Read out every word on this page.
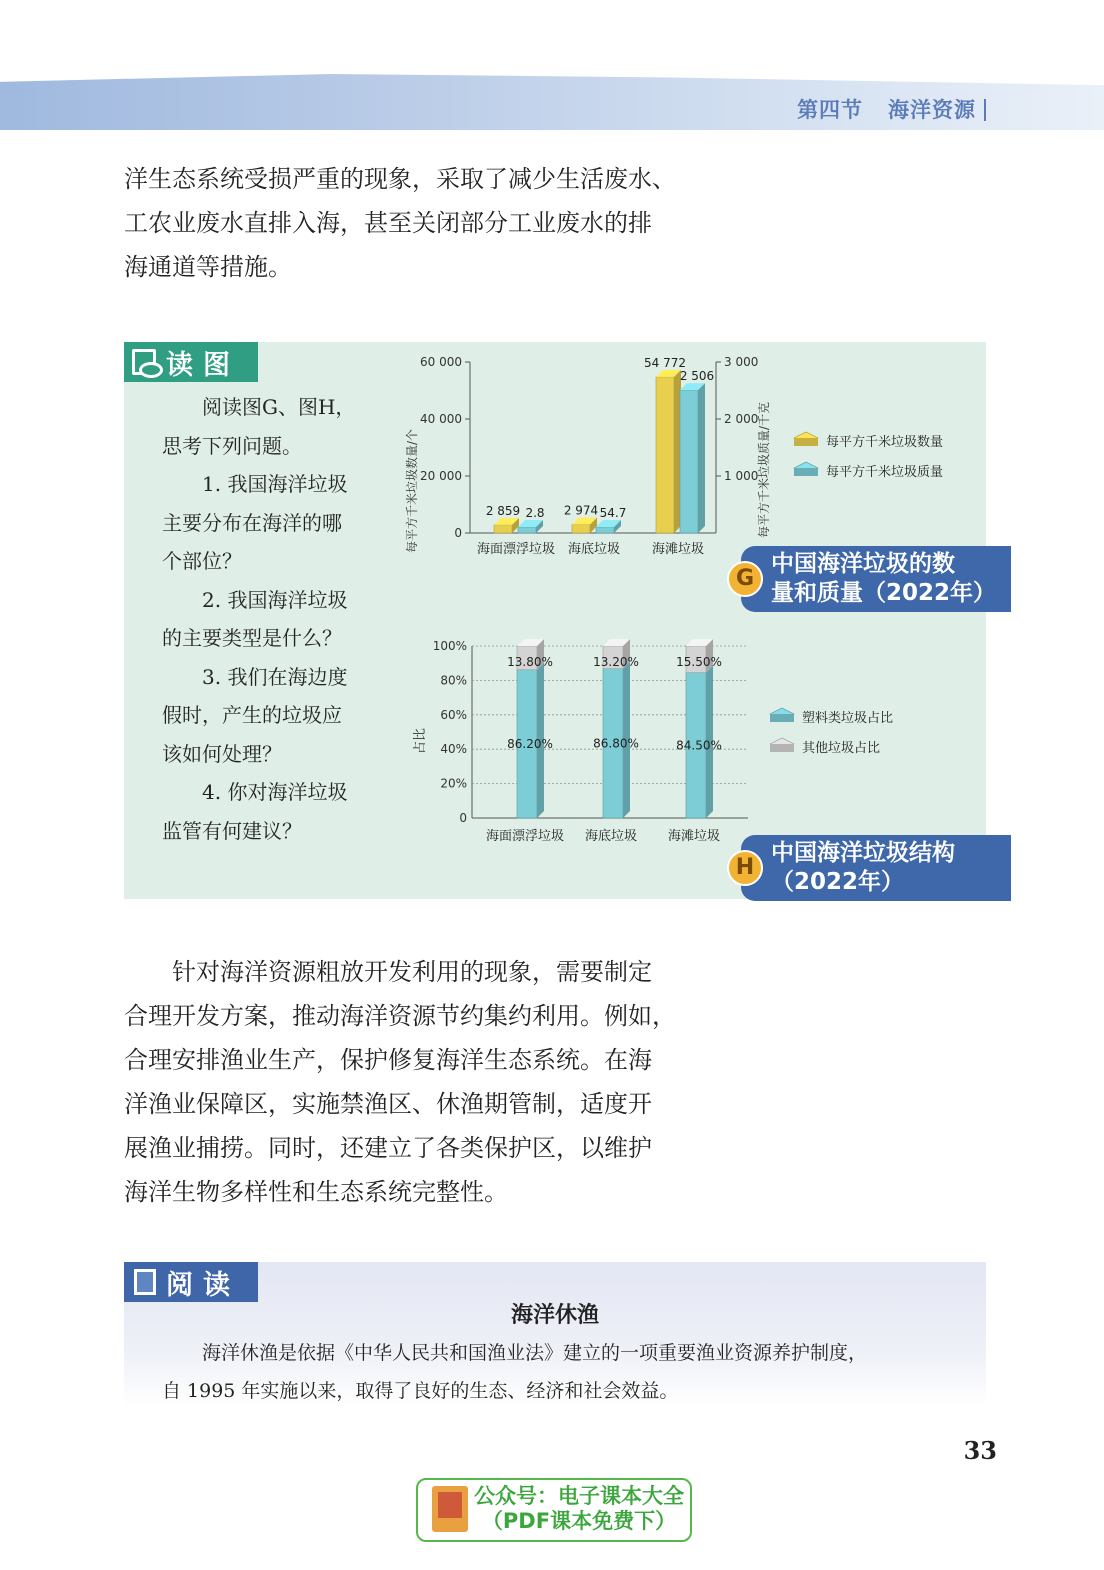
第四节 海洋资源
洋生态系统受损严重的现象，采取了减少生活废水、
工农业废水直排入海，甚至关闭部分工业废水的排
海通道等措施。
读图
阅读图G、图H，
思考下列问题。
1. 我国海洋垃圾
主要分布在海洋的哪
个部位？
2. 我国海洋垃圾
的主要类型是什么？
3. 我们在海边度
假时，产生的垃圾应
该如何处理？
4. 你对海洋垃圾
监管有何建议？
0
20 000
40 000
60 000
1 000
2 000
3 000
每平方千米垃圾数量/个	每平方千米垃圾质量/千克
2 859 2.8
海面漂浮垃圾
2 974 54.7
海底垃圾
54 772
2 506
海滩垃圾
每平方千米垃圾数量
每平方千米垃圾质量
0
20%
40%
60%
80%
100%
占比
13.80%
86.20%
海面漂浮垃圾
13.20%
86.80%
海底垃圾
15.50%
84.50%
海滩垃圾
塑料类垃圾占比
其他垃圾占比
G
中国海洋垃圾的数
量和质量（2022年）
H
中国海洋垃圾结构
（2022年）
针对海洋资源粗放开发利用的现象，需要制定
合理开发方案，推动海洋资源节约集约利用。例如，
合理安排渔业生产，保护修复海洋生态系统。在海
洋渔业保障区，实施禁渔区、休渔期管制，适度开
展渔业捕捞。同时，还建立了各类保护区，以维护
海洋生物多样性和生态系统完整性。
阅读
海洋休渔
海洋休渔是依据《中华人民共和国渔业法》建立的一项重要渔业资源养护制度，
自 1995 年实施以来，取得了良好的生态、经济和社会效益。
33
公众号：电子课本大全
（PDF课本免费下）
